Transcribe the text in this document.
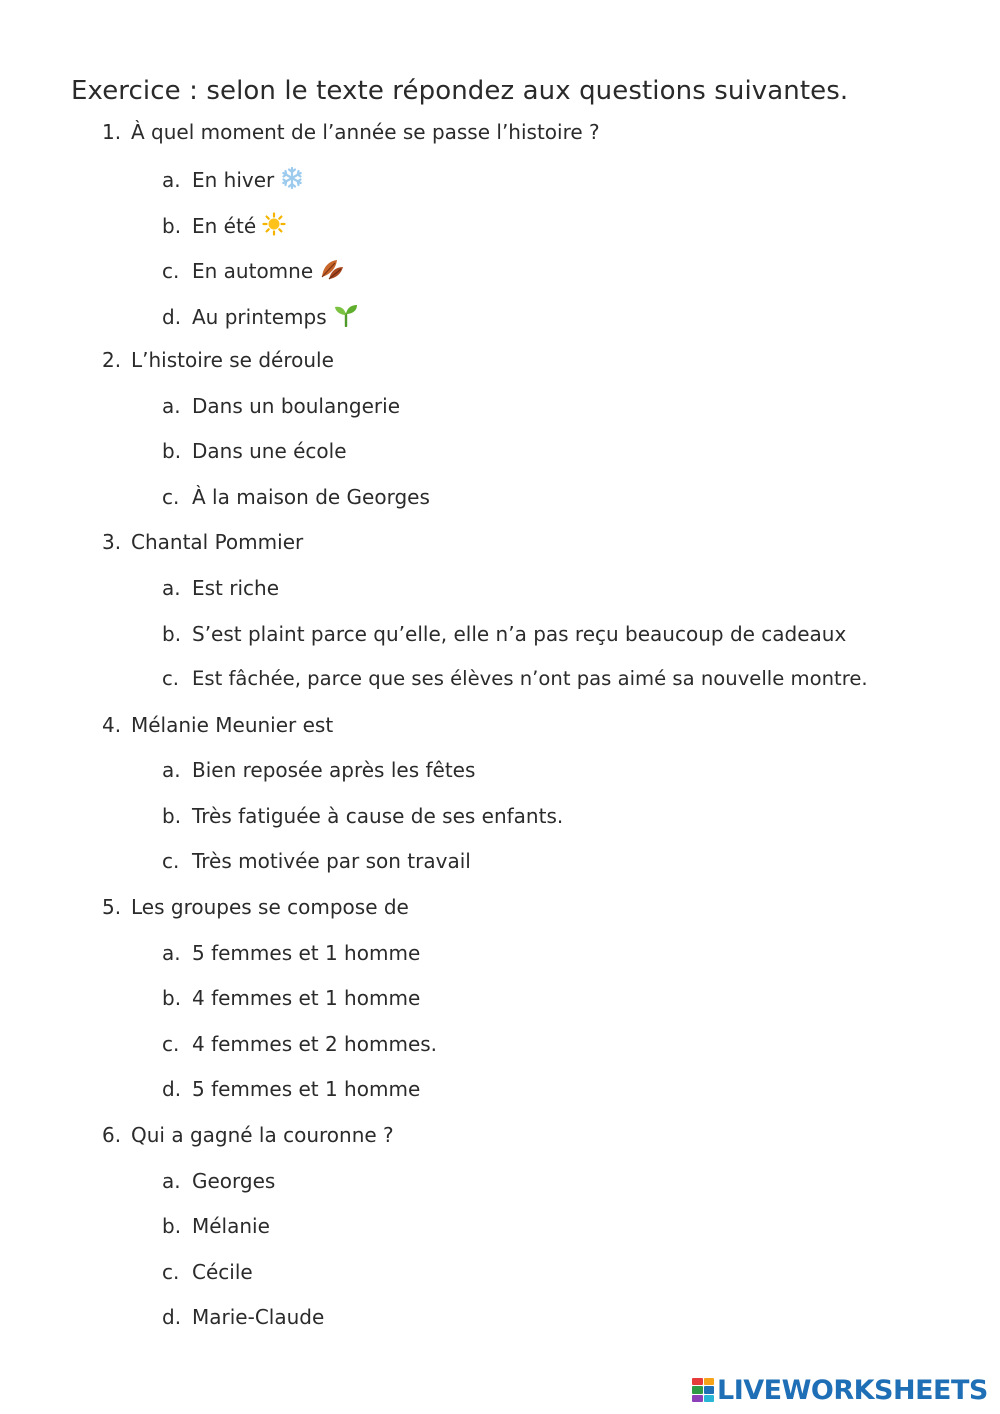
Exercice : selon le texte répondez aux questions suivantes.
1. À quel moment de l’année se passe l’histoire ?
a. En hiver
b. En été
c. En automne
d. Au printemps
2. L’histoire se déroule
a. Dans un boulangerie
b. Dans une école
c. À la maison de Georges
3. Chantal Pommier
a. Est riche
b. S’est plaint parce qu’elle, elle n’a pas reçu beaucoup de cadeaux
c. Est fâchée, parce que ses élèves n’ont pas aimé sa nouvelle montre.
4. Mélanie Meunier est
a. Bien reposée après les fêtes
b. Très fatiguée à cause de ses enfants.
c. Très motivée par son travail
5. Les groupes se compose de
a. 5 femmes et 1 homme
b. 4 femmes et 1 homme
c. 4 femmes et 2 hommes.
d. 5 femmes et 1 homme
6. Qui a gagné la couronne ?
a. Georges
b. Mélanie
c. Cécile
d. Marie-Claude
LIVEWORKSHEETS
